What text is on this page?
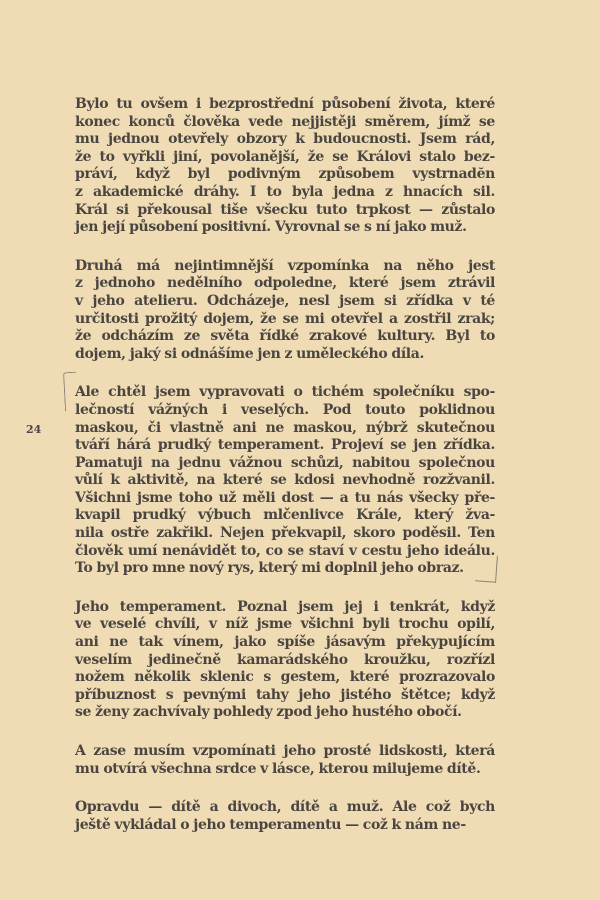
24
Bylo tu ovšem i bezprostřední působení života, které
konec konců člověka vede nejjistěji směrem, jímž se
mu jednou otevřely obzory k budoucnosti. Jsem rád,
že to vyřkli jiní, povolanější, že se Královi stalo bez-
práví, když byl podivným způsobem vystrnadĕn
z akademické dráhy. I to byla jedna z hnacích sil.
Král si překousal tiše všecku tuto trpkost — zůstalo
jen její působení positivní. Vyrovnal se s ní jako muž.
Druhá má nejintimnější vzpomínka na něho jest
z jednoho nedělního odpoledne, které jsem ztrávil
v jeho atelieru. Odcházeje, nesl jsem si zřídka v té
určitosti prožitý dojem, že se mi otevřel a zostřil zrak;
že odcházím ze světa řídké zrakové kultury. Byl to
dojem, jaký si odnášíme jen z uměleckého díla.
Ale chtěl jsem vypravovati o tichém společníku spo-
lečností vážných i veselých. Pod touto poklidnou
maskou, či vlastně ani ne maskou, nýbrž skutečnou
tváří hárá prudký temperament. Projeví se jen zřídka.
Pamatuji na jednu vážnou schůzi, nabitou společnou
vůlí k aktivitě, na které se kdosi nevhodně rozžvanil.
Všichni jsme toho už měli dost — a tu nás všecky pře-
kvapil prudký výbuch mlčenlivce Krále, který žva-
nila ostře zakřikl. Nejen překvapil, skoro poděsil. Ten
člověk umí nenávidět to, co se staví v cestu jeho ideálu.
To byl pro mne nový rys, který mi doplnil jeho obraz.
Jeho temperament. Poznal jsem jej i tenkrát, když
ve veselé chvíli, v níž jsme všichni byli trochu opilí,
ani ne tak vínem, jako spíše jásavým překypujícím
veselím jedinečně kamarádského kroužku, rozřízl
nožem několik sklenic s gestem, které prozrazovalo
příbuznost s pevnými tahy jeho jistého štětce; když
se ženy zachvívaly pohledy zpod jeho hustého obočí.
A zase musím vzpomínati jeho prosté lidskosti, která
mu otvírá všechna srdce v lásce, kterou milujeme dítě.
Opravdu — dítě a divoch, dítě a muž. Ale což bych
ještě vykládal o jeho temperamentu — což k nám ne-
